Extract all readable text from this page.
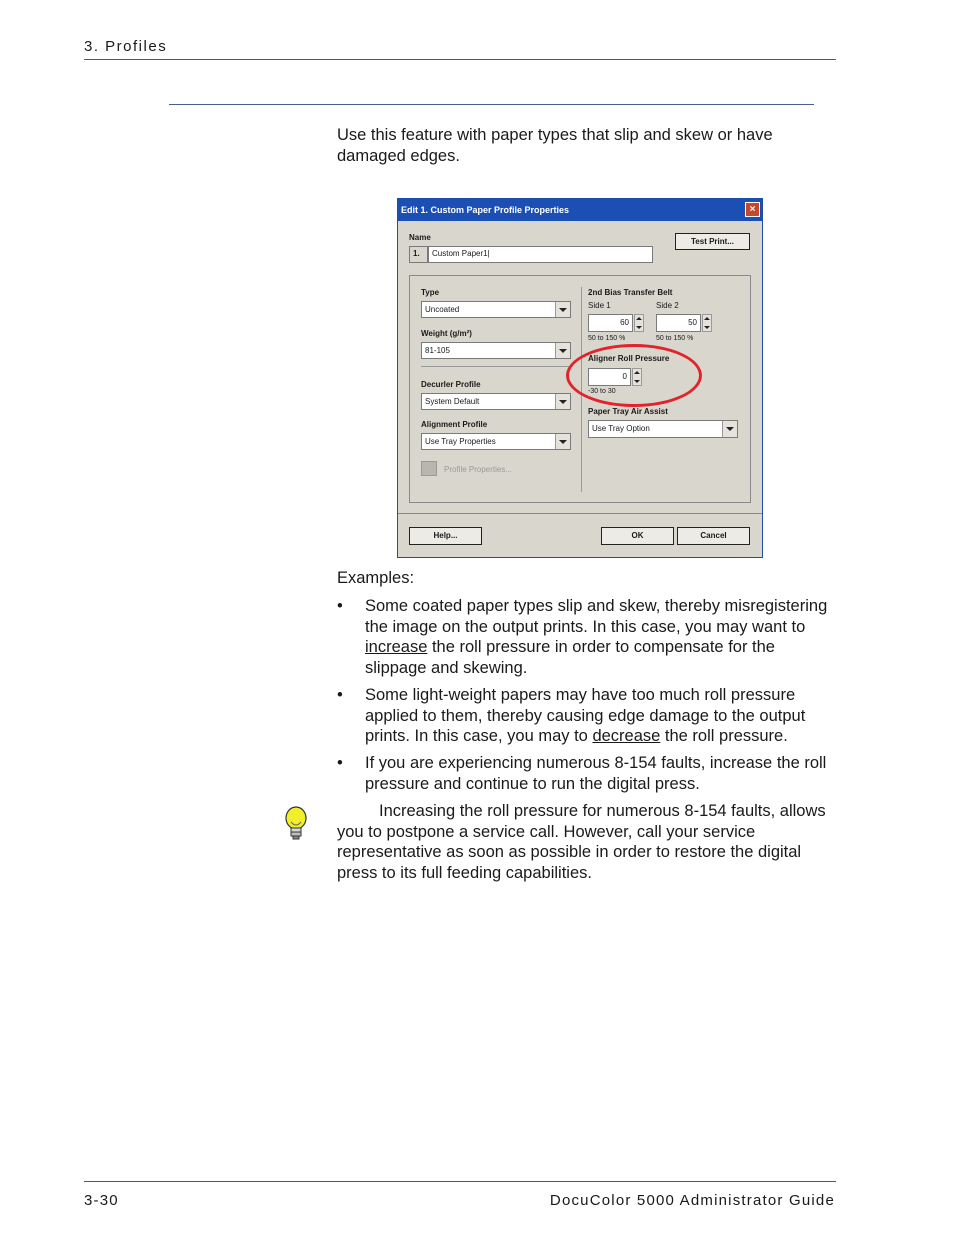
3. Profiles
Use this feature with paper types that slip and skew or have damaged edges.
Edit 1. Custom Paper Profile Properties	×
Name
1.	Custom Paper1|
Test Print...
Type
Uncoated
Weight (g/m²)
81-105
Decurler Profile
System Default
Alignment Profile
Use Tray Properties
Profile Properties...
2nd Bias Transfer Belt
Side 1	Side 2
60	50
50 to 150 %	50 to 150 %
Aligner Roll Pressure
0
-30 to 30
Paper Tray Air Assist
Use Tray Option
Help...	OK	Cancel
Examples:
• Some coated paper types slip and skew, thereby misregistering the image on the output prints. In this case, you may want to increase the roll pressure in order to compensate for the slippage and skewing.
• Some light-weight papers may have too much roll pressure applied to them, thereby causing edge damage to the output prints. In this case, you may to decrease the roll pressure.
• If you are experiencing numerous 8-154 faults, increase the roll pressure and continue to run the digital press.
Increasing the roll pressure for numerous 8-154 faults, allows you to postpone a service call. However, call your service representative as soon as possible in order to restore the digital press to its full feeding capabilities.
3-30	DocuColor 5000 Administrator Guide
